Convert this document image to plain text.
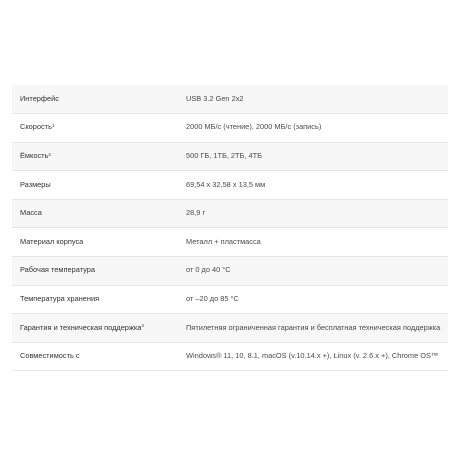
Интерфейс	USB 3.2 Gen 2x2
Скорость$^1$	2000 МБ/с (чтение), 2000 МБ/с (запись)
Ёмкость$^2$	500 ГБ, 1ТБ, 2ТБ, 4ТБ
Размеры	69,54 x 32,58 x 13,5 мм
Масса	28,9 г
Материал корпуса	Металл + пластмасса
Рабочая температура	от 0 до 40 °C
Температура хранения	от –20 до 85 °C
Гарантия и техническая поддержка$^4$	Пятилетняя ограниченная гарантия и бесплатная техническая поддержка
Совместимость с	Windows® 11, 10, 8.1, macOS (v.10.14.x +), Linux (v. 2.6.x +), Chrome OS™
